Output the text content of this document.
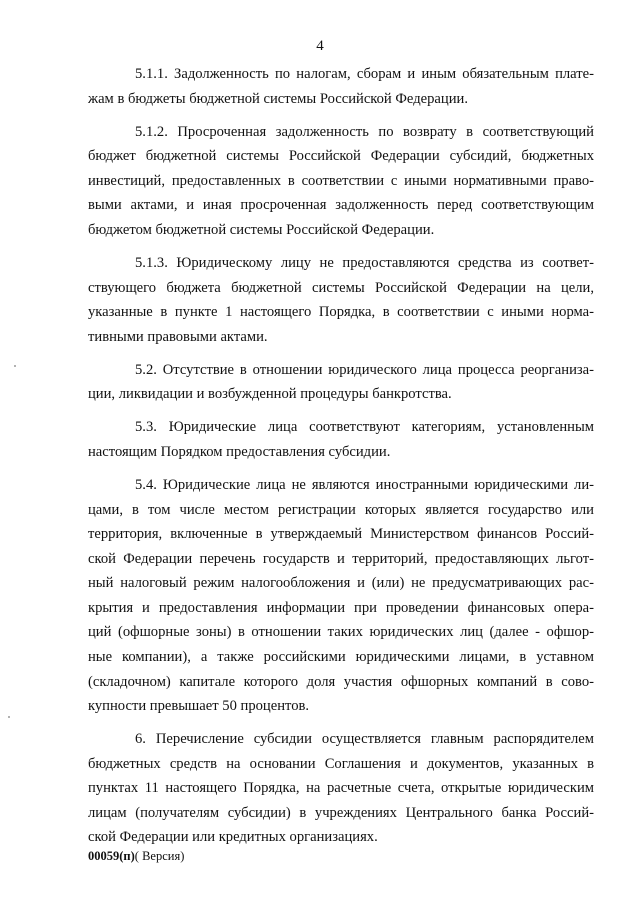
4
5.1.1. Задолженность по налогам, сборам и иным обязательным плате-
жам в бюджеты бюджетной системы Российской Федерации.
5.1.2. Просроченная задолженность по возврату в соответствующий
бюджет бюджетной системы Российской Федерации субсидий, бюджетных
инвестиций, предоставленных в соответствии с иными нормативными право-
выми актами, и иная просроченная задолженность перед соответствующим
бюджетом бюджетной системы Российской Федерации.
5.1.3. Юридическому лицу не предоставляются средства из соответ-
ствующего бюджета бюджетной системы Российской Федерации на цели,
указанные в пункте 1 настоящего Порядка, в соответствии с иными норма-
тивными правовыми актами.
5.2. Отсутствие в отношении юридического лица процесса реорганиза-
ции, ликвидации и возбужденной процедуры банкротства.
5.3. Юридические лица соответствуют категориям, установленным
настоящим Порядком предоставления субсидии.
5.4. Юридические лица не являются иностранными юридическими ли-
цами, в том числе местом регистрации которых является государство или
территория, включенные в утверждаемый Министерством финансов Россий-
ской Федерации перечень государств и территорий, предоставляющих льгот-
ный налоговый режим налогообложения и (или) не предусматривающих рас-
крытия и предоставления информации при проведении финансовых опера-
ций (офшорные зоны) в отношении таких юридических лиц (далее - офшор-
ные компании), а также российскими юридическими лицами, в уставном
(складочном) капитале которого доля участия офшорных компаний в сово-
купности превышает 50 процентов.
6. Перечисление субсидии осуществляется главным распорядителем
бюджетных средств на основании Соглашения и документов, указанных в
пунктах 11 настоящего Порядка, на расчетные счета, открытые юридическим
лицам (получателям субсидии) в учреждениях Центрального банка Россий-
ской Федерации или кредитных организациях.
00059(п)( Версия)
